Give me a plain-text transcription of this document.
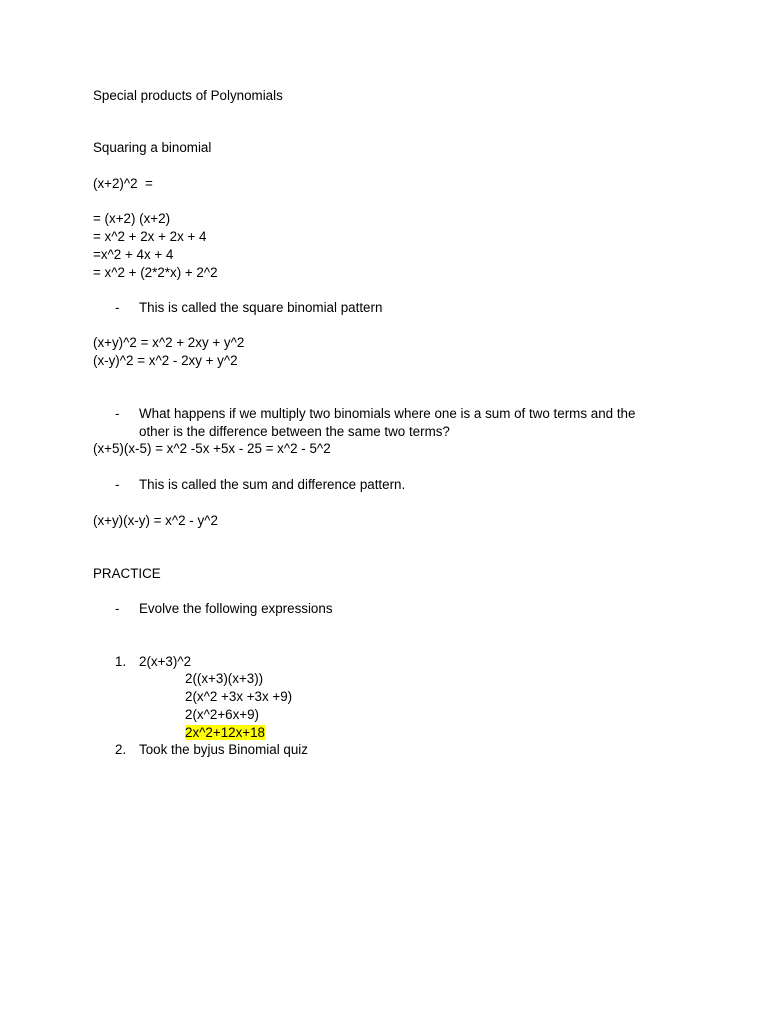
Special products of Polynomials
Squaring a binomial
(x+2)^2  =
= (x+2) (x+2)
= x^2 + 2x + 2x + 4
=x^2 + 4x + 4
= x^2 + (2*2*x) + 2^2
- This is called the square binomial pattern
(x+y)^2 = x^2 + 2xy + y^2
(x-y)^2 = x^2 - 2xy + y^2
- What happens if we multiply two binomials where one is a sum of two terms and the
other is the difference between the same two terms?
(x+5)(x-5) = x^2 -5x +5x - 25 = x^2 - 5^2
- This is called the sum and difference pattern.
(x+y)(x-y) = x^2 - y^2
PRACTICE
- Evolve the following expressions
1. 2(x+3)^2
2((x+3)(x+3))
2(x^2 +3x +3x +9)
2(x^2+6x+9)
2x^2+12x+18
2. Took the byjus Binomial quiz
